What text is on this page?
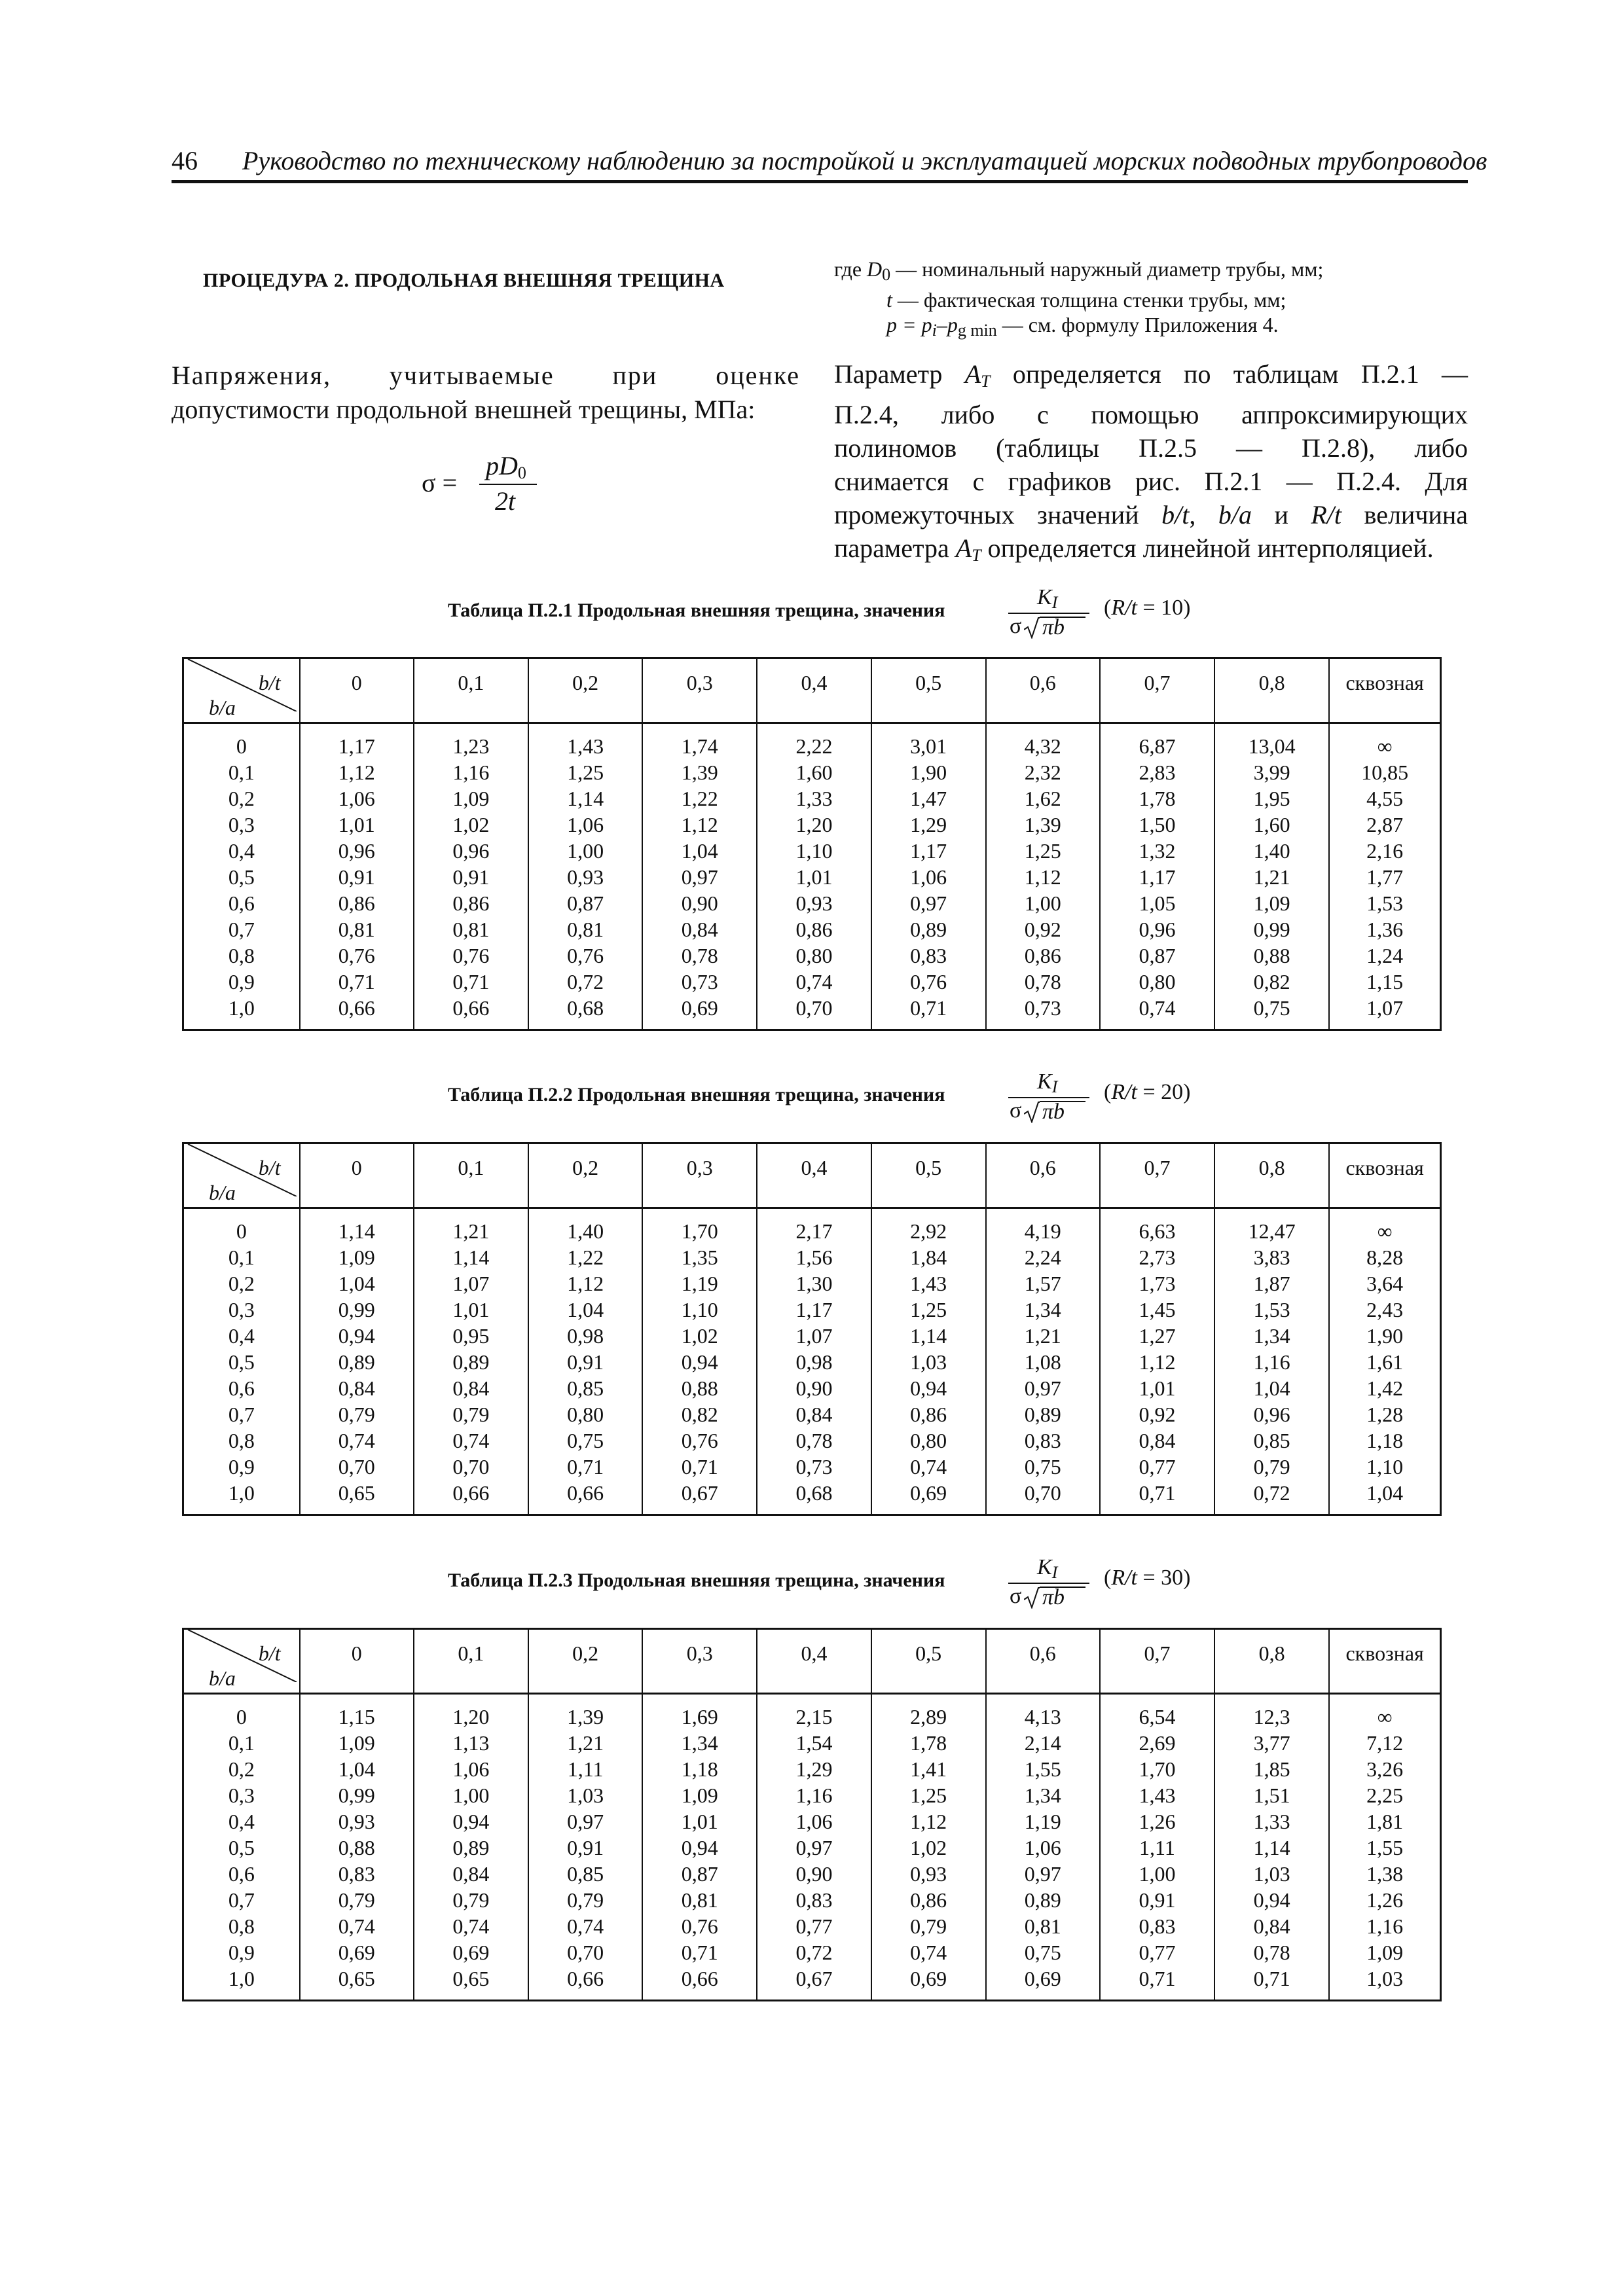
46 Руководство по техническому наблюдению за постройкой и эксплуатацией морских подводных трубопроводов
ПРОЦЕДУРА 2. ПРОДОЛЬНАЯ ВНЕШНЯЯ ТРЕЩИНА
Напряжения, учитываемые при оценке
допустимости продольной внешней трещины, МПа:
σ =
$pD_0$
2t
где $D_0$ — номинальный наружный диаметр трубы, мм;
t — фактическая толщина стенки трубы, мм;
$p = p_i-p_{g min}$ — см. формулу Приложения 4.
Параметр $A_T$ определяется по таблицам П.2.1 —
П.2.4, либо с помощью аппроксимирующих
полиномов (таблицы П.2.5 — П.2.8), либо
снимается с графиков рис. П.2.1 — П.2.4. Для
промежуточных значений b/t, b/a и R/t величина
параметра $A_T$ определяется линейной интерполяцией.
Таблица П.2.1 Продольная внешняя трещина, значения
$K_I$
σ πb
(R/t = 10)
b/t
b/a	0	0,1	0,2	0,3	0,4	0,5	0,6	0,7	0,8	сквозная
0	1,17	1,23	1,43	1,74	2,22	3,01	4,32	6,87	13,04	∞
0,1	1,12	1,16	1,25	1,39	1,60	1,90	2,32	2,83	3,99	10,85
0,2	1,06	1,09	1,14	1,22	1,33	1,47	1,62	1,78	1,95	4,55
0,3	1,01	1,02	1,06	1,12	1,20	1,29	1,39	1,50	1,60	2,87
0,4	0,96	0,96	1,00	1,04	1,10	1,17	1,25	1,32	1,40	2,16
0,5	0,91	0,91	0,93	0,97	1,01	1,06	1,12	1,17	1,21	1,77
0,6	0,86	0,86	0,87	0,90	0,93	0,97	1,00	1,05	1,09	1,53
0,7	0,81	0,81	0,81	0,84	0,86	0,89	0,92	0,96	0,99	1,36
0,8	0,76	0,76	0,76	0,78	0,80	0,83	0,86	0,87	0,88	1,24
0,9	0,71	0,71	0,72	0,73	0,74	0,76	0,78	0,80	0,82	1,15
1,0	0,66	0,66	0,68	0,69	0,70	0,71	0,73	0,74	0,75	1,07
Таблица П.2.2 Продольная внешняя трещина, значения
$K_I$
σ πb
(R/t = 20)
b/t
b/a	0	0,1	0,2	0,3	0,4	0,5	0,6	0,7	0,8	сквозная
0	1,14	1,21	1,40	1,70	2,17	2,92	4,19	6,63	12,47	∞
0,1	1,09	1,14	1,22	1,35	1,56	1,84	2,24	2,73	3,83	8,28
0,2	1,04	1,07	1,12	1,19	1,30	1,43	1,57	1,73	1,87	3,64
0,3	0,99	1,01	1,04	1,10	1,17	1,25	1,34	1,45	1,53	2,43
0,4	0,94	0,95	0,98	1,02	1,07	1,14	1,21	1,27	1,34	1,90
0,5	0,89	0,89	0,91	0,94	0,98	1,03	1,08	1,12	1,16	1,61
0,6	0,84	0,84	0,85	0,88	0,90	0,94	0,97	1,01	1,04	1,42
0,7	0,79	0,79	0,80	0,82	0,84	0,86	0,89	0,92	0,96	1,28
0,8	0,74	0,74	0,75	0,76	0,78	0,80	0,83	0,84	0,85	1,18
0,9	0,70	0,70	0,71	0,71	0,73	0,74	0,75	0,77	0,79	1,10
1,0	0,65	0,66	0,66	0,67	0,68	0,69	0,70	0,71	0,72	1,04
Таблица П.2.3 Продольная внешняя трещина, значения
$K_I$
σ πb
(R/t = 30)
b/t
b/a	0	0,1	0,2	0,3	0,4	0,5	0,6	0,7	0,8	сквозная
0	1,15	1,20	1,39	1,69	2,15	2,89	4,13	6,54	12,3	∞
0,1	1,09	1,13	1,21	1,34	1,54	1,78	2,14	2,69	3,77	7,12
0,2	1,04	1,06	1,11	1,18	1,29	1,41	1,55	1,70	1,85	3,26
0,3	0,99	1,00	1,03	1,09	1,16	1,25	1,34	1,43	1,51	2,25
0,4	0,93	0,94	0,97	1,01	1,06	1,12	1,19	1,26	1,33	1,81
0,5	0,88	0,89	0,91	0,94	0,97	1,02	1,06	1,11	1,14	1,55
0,6	0,83	0,84	0,85	0,87	0,90	0,93	0,97	1,00	1,03	1,38
0,7	0,79	0,79	0,79	0,81	0,83	0,86	0,89	0,91	0,94	1,26
0,8	0,74	0,74	0,74	0,76	0,77	0,79	0,81	0,83	0,84	1,16
0,9	0,69	0,69	0,70	0,71	0,72	0,74	0,75	0,77	0,78	1,09
1,0	0,65	0,65	0,66	0,66	0,67	0,69	0,69	0,71	0,71	1,03
